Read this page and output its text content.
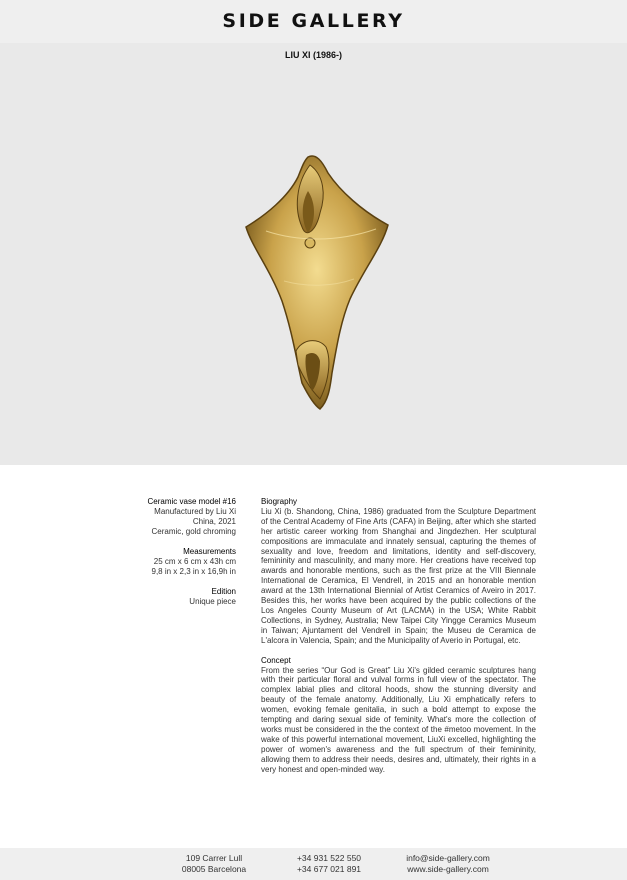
SIDE GALLERY
LIU XI (1986-)
Ceramic vase model #16
Manufactured by Liu Xi
China, 2021
Ceramic, gold chroming
Measurements
25 cm x 6 cm x 43h cm
9,8 in x 2,3 in x 16,9h in
Edition
Unique piece
Biography
Liu Xi (b. Shandong, China, 1986) graduated from the Sculpture Department of the Central Academy of Fine Arts (CAFA) in Beijing, after which she started her artistic career working from Shanghai and Jingdezhen. Her sculptural compositions are immaculate and innately sensual, capturing the themes of sexuality and love, freedom and limitations, identity and self-discovery, femininity and masculinity, and many more. Her creations have received top awards and honorable mentions, such as the first prize at the VIII Biennale International de Ceramica, El Vendrell, in 2015 and an honorable mention award at the 13th International Biennial of Artist Ceramics of Aveiro in 2017. Besides this, her works have been acquired by the public collections of the Los Angeles County Museum of Art (LACMA) in the USA; White Rabbit Collections, in Sydney, Australia; New Taipei City Yingge Ceramics Museum in Taiwan; Ajuntament del Vendrell in Spain; the Museu de Ceramica de L'alcora in Valencia, Spain; and the Municipality of Averio in Portugal, etc.
Concept
From the series “Our God is Great” Liu Xi's gilded ceramic sculptures hang with their particular floral and vulval forms in full view of the spectator. The complex labial plies and clitoral hoods, show the stunning diversity and beauty of the female anatomy. Additionally, Liu Xi emphatically refers to women, evoking female genitalia, in such a bold attempt to expose the tempting and daring sexual side of feminity. What's more the collection of works must be considered in the the context of the #metoo movement. In the wake of this powerful international movement, LiuXi excelled, highlighting the power of women's awareness and the full spectrum of their femininity, allowing them to address their needs, desires and, ultimately, their rights in a very honest and open-minded way.
109 Carrer Lull
08005 Barcelona
+34 931 522 550
+34 677 021 891
info@side-gallery.com
www.side-gallery.com
